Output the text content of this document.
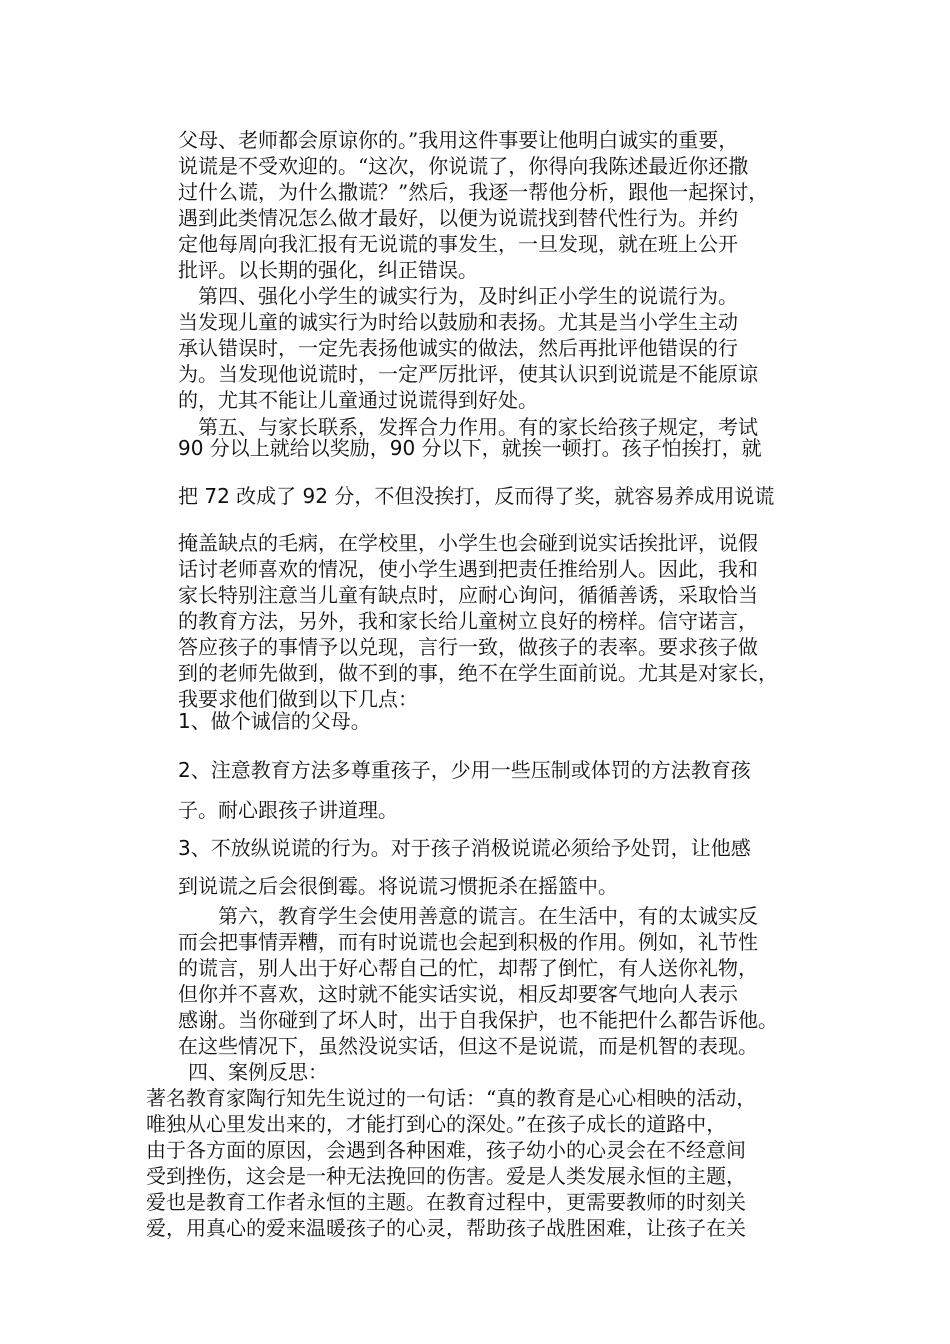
父母、老师都会原谅你的。”我用这件事要让他明白诚实的重要，
说谎是不受欢迎的。“这次，你说谎了，你得向我陈述最近你还撒
过什么谎，为什么撒谎？”然后，我逐一帮他分析，跟他一起探讨，
遇到此类情况怎么做才最好，以便为说谎找到替代性行为。并约
定他每周向我汇报有无说谎的事发生，一旦发现，就在班上公开
批评。以长期的强化，纠正错误。
　第四、强化小学生的诚实行为，及时纠正小学生的说谎行为。
当发现儿童的诚实行为时给以鼓励和表扬。尤其是当小学生主动
承认错误时，一定先表扬他诚实的做法，然后再批评他错误的行
为。当发现他说谎时，一定严厉批评，使其认识到说谎是不能原谅
的，尤其不能让儿童通过说谎得到好处。
　第五、与家长联系，发挥合力作用。有的家长给孩子规定，考试
90 分以上就给以奖励，90 分以下，就挨一顿打。孩子怕挨打，就
把 72 改成了 92 分，不但没挨打，反而得了奖，就容易养成用说谎
掩盖缺点的毛病，在学校里，小学生也会碰到说实话挨批评，说假
话讨老师喜欢的情况，使小学生遇到把责任推给别人。因此，我和
家长特别注意当儿童有缺点时，应耐心询问，循循善诱，采取恰当
的教育方法，另外，我和家长给儿童树立良好的榜样。信守诺言，
答应孩子的事情予以兑现，言行一致，做孩子的表率。要求孩子做
到的老师先做到，做不到的事，绝不在学生面前说。尤其是对家长，
我要求他们做到以下几点：
1、做个诚信的父母。
2、注意教育方法多尊重孩子，少用一些压制或体罚的方法教育孩
子。耐心跟孩子讲道理。
3、不放纵说谎的行为。对于孩子消极说谎必须给予处罚，让他感
到说谎之后会很倒霉。将说谎习惯扼杀在摇篮中。
　　第六，教育学生会使用善意的谎言。在生活中，有的太诚实反
而会把事情弄糟，而有时说谎也会起到积极的作用。例如，礼节性
的谎言，别人出于好心帮自己的忙，却帮了倒忙，有人送你礼物，
但你并不喜欢，这时就不能实话实说，相反却要客气地向人表示
感谢。当你碰到了坏人时，出于自我保护，也不能把什么都告诉他。
在这些情况下，虽然没说实话，但这不是说谎，而是机智的表现。
四、案例反思：
著名教育家陶行知先生说过的一句话：“真的教育是心心相映的活动，
唯独从心里发出来的，才能打到心的深处。”在孩子成长的道路中，
由于各方面的原因，会遇到各种困难，孩子幼小的心灵会在不经意间
受到挫伤，这会是一种无法挽回的伤害。爱是人类发展永恒的主题，
爱也是教育工作者永恒的主题。在教育过程中，更需要教师的时刻关
爱，用真心的爱来温暖孩子的心灵，帮助孩子战胜困难，让孩子在关
